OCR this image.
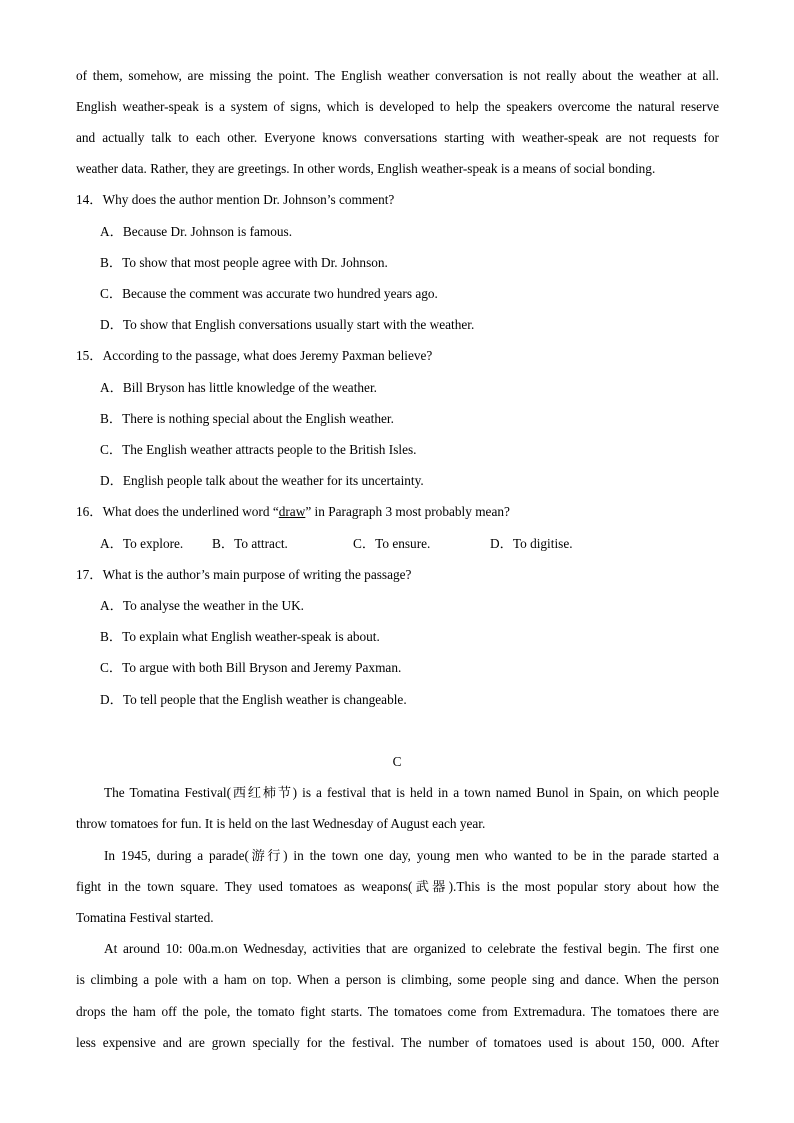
of them, somehow, are missing the point. The English weather conversation is not really about the weather at all.
English weather-speak is a system of signs, which is developed to help the speakers overcome the natural reserve
and actually talk to each other. Everyone knows conversations starting with weather-speak are not requests for
weather data. Rather, they are greetings. In other words, English weather-speak is a means of social bonding.
14．Why does the author mention Dr. Johnson’s comment?
A．Because Dr. Johnson is famous.
B．To show that most people agree with Dr. Johnson.
C．Because the comment was accurate two hundred years ago.
D．To show that English conversations usually start with the weather.
15．According to the passage, what does Jeremy Paxman believe?
A．Bill Bryson has little knowledge of the weather.
B．There is nothing special about the English weather.
C．The English weather attracts people to the British Isles.
D．English people talk about the weather for its uncertainty.
16．What does the underlined word “draw” in Paragraph 3 most probably mean?
A．To explore. B．To attract.	C．To ensure.	D．To digitise.
17．What is the author’s main purpose of writing the passage?
A．To analyse the weather in the UK.
B．To explain what English weather-speak is about.
C．To argue with both Bill Bryson and Jeremy Paxman.
D．To tell people that the English weather is changeable.
C
The Tomatina Festival(西红柿节) is a festival that is held in a town named Bunol in Spain, on which people
throw tomatoes for fun. It is held on the last Wednesday of August each year.
In 1945, during a parade(游行) in the town one day, young men who wanted to be in the parade started a
fight in the town square. They used tomatoes as weapons(武器).This is the most popular story about how the
Tomatina Festival started.
At around 10: 00a.m.on Wednesday, activities that are organized to celebrate the festival begin. The first one
is climbing a pole with a ham on top. When a person is climbing, some people sing and dance. When the person
drops the ham off the pole, the tomato fight starts. The tomatoes come from Extremadura. The tomatoes there are
less expensive and are grown specially for the festival. The number of tomatoes used is about 150, 000. After
